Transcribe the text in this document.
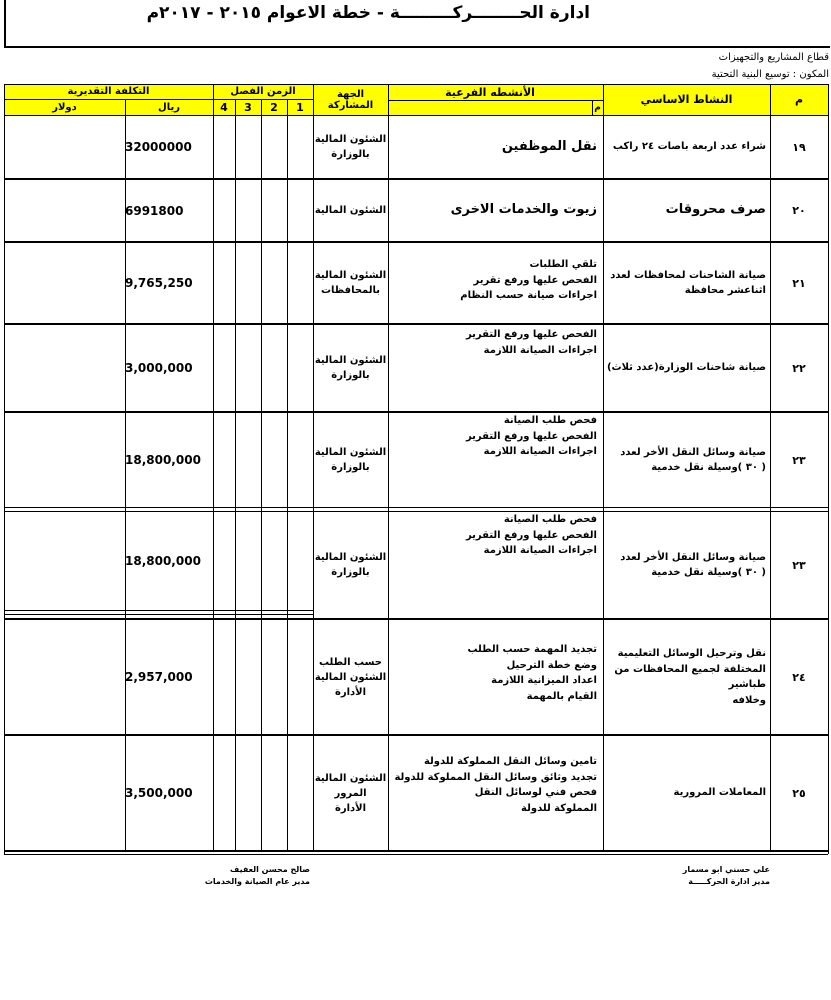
ادارة الحــــــــركـــــــــة - خطة الاعوام ٢٠١٥ - ٢٠١٧م
قطاع المشاريع والتجهيزات
المكون : توسيع البنية التحتية
م
النشاط الاساسي
م
الأنشطه الفرعية
الجهة المشاركة
الزمن الفصل
1
2
3
4
التكلفة التقديرية
ريال
دولار
١٩
شراء عدد اربعة باصات ٢٤ راكب
نقل الموظفين
الشئون المالية
بالوزارة
32000000
٢٠
صرف محروقات
زيوت والخدمات الاخرى
الشئون المالية
6991800
٢١
صيانة الشاحنات لمحافظات لعدد
اثناعشر محافظة
تلقي الطلبات
الفحص عليها ورفع تقرير
اجراءات صيانة حسب النظام
الشئون المالية
بالمحافظات
9,765,250
٢٢
صيانة شاحنات الوزارة(عدد ثلاث)
الفحص عليها ورفع التقرير
اجراءات الصيانة اللازمة
الشئون المالية
بالوزارة
3,000,000
٢٣
صيانة وسائل النقل الأخر لعدد
( ٣٠ )وسيلة نقل خدمية
فحص طلب الصيانة
الفحص عليها ورفع التقرير
اجراءات الصيانة اللازمة
الشئون المالية
بالوزارة
18,800,000
٢٣
صيانة وسائل النقل الأخر لعدد
( ٣٠ )وسيلة نقل خدمية
فحص طلب الصيانة
الفحص عليها ورفع التقرير
اجراءات الصيانة اللازمة
الشئون المالية
بالوزارة
18,800,000
٢٤
نقل وترحيل الوسائل التعليمية
المختلفة لجميع المحافظات من طباشير
وخلافه
تجديد المهمة حسب الطلب
وضع خطة الترحيل
اعداد الميزانية اللازمة
القيام بالمهمة
حسب الطلب
الشئون المالية
الأدارة
2,957,000
٢٥
المعاملات المرورية
تامين وسائل النقل المملوكة للدولة
تجديد وثائق وسائل النقل المملوكة للدولة
فحص فني لوسائل النقل
المملوكة للدولة
الشئون المالية
المرور
الأدارة
3,500,000
علي حسني ابو مسمار
مدير ادارة الحركـــــة
صالح محسن العفيف
مدير عام الصيانة والخدمات
